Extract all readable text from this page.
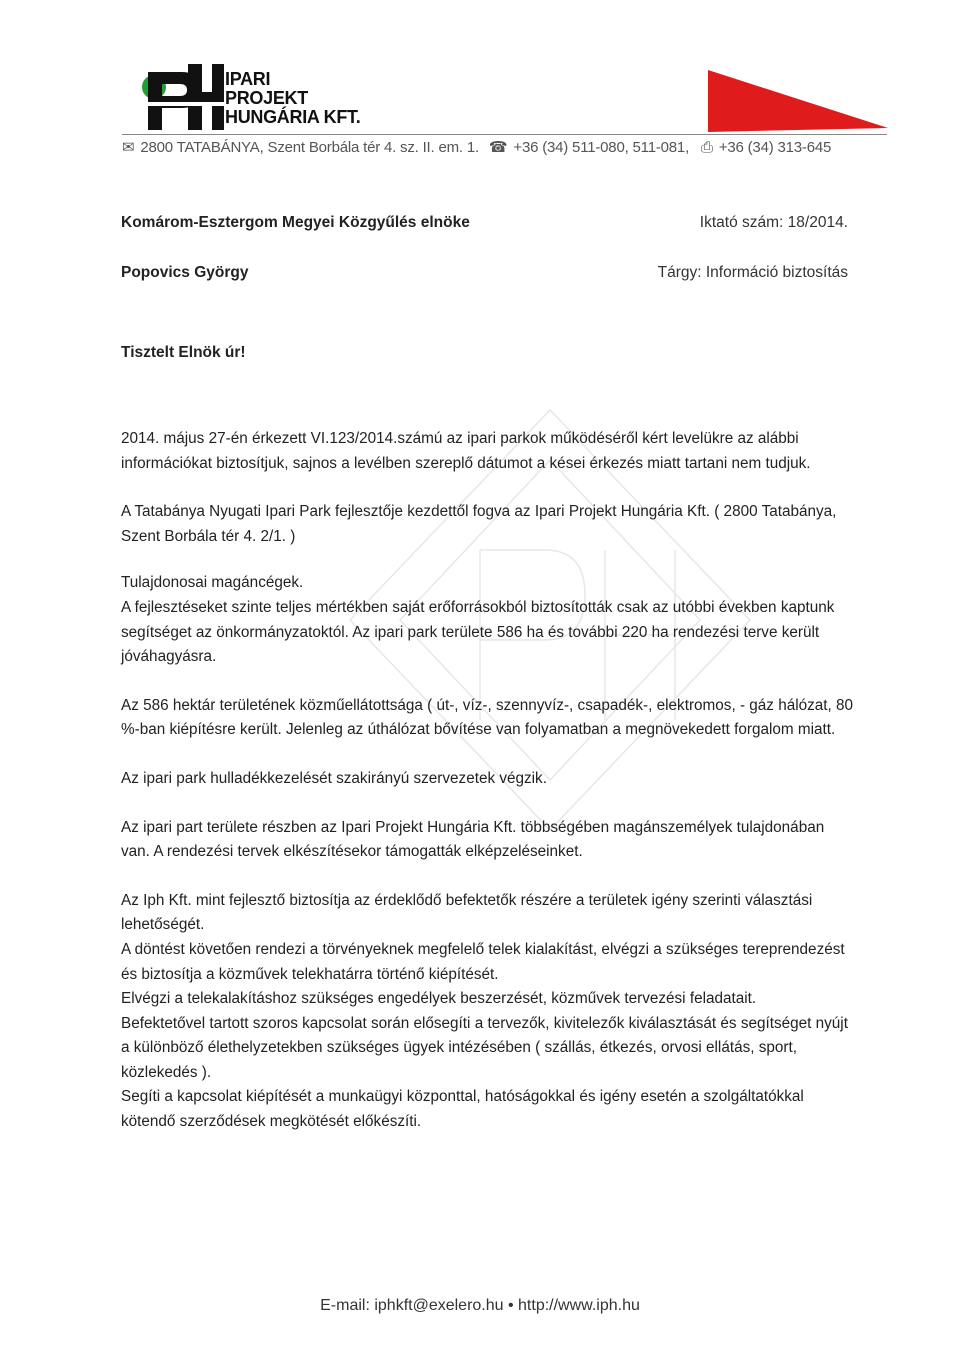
IPARI
PROJEKT
HUNGÁRIA KFT.
✉ 2800 TATABÁNYA, Szent Borbála tér 4. sz. II. em. 1. ☎ +36 (34) 511-080, 511-081, ⎙ +36 (34) 313-645
Komárom-Esztergom Megyei Közgyűlés elnöke
Popovics György
Iktató szám: 18/2014.
Tárgy: Információ biztosítás
Tisztelt Elnök úr!

2014. május 27-én érkezett VI.123/2014.számú az ipari parkok működéséről kért levelükre az alábbi információkat biztosítjuk, sajnos a levélben szereplő dátumot a kései érkezés miatt tartani nem tudjuk.

A Tatabánya Nyugati Ipari Park fejlesztője kezdettől fogva az Ipari Projekt Hungária Kft. ( 2800 Tatabánya, Szent Borbála tér 4. 2/1. )

Tulajdonosai magáncégek.

A fejlesztéseket szinte teljes mértékben saját erőforrásokból biztosították csak az utóbbi években kaptunk segítséget az önkormányzatoktól. Az ipari park területe 586 ha és további 220 ha rendezési terve került jóváhagyásra.

Az 586 hektár területének közműellátottsága ( út-, víz-, szennyvíz-, csapadék-, elektromos, - gáz hálózat, 80 %-ban kiépítésre került. Jelenleg az úthálózat bővítése van folyamatban a megnövekedett forgalom miatt.

Az ipari park hulladékkezelését szakirányú szervezetek végzik.

Az ipari part területe részben az Ipari Projekt Hungária Kft. többségében magánszemélyek tulajdonában van. A rendezési tervek elkészítésekor támogatták elképzeléseinket.

Az Iph Kft. mint fejlesztő biztosítja az érdeklődő befektetők részére a területek igény szerinti választási lehetőségét.

A döntést követően rendezi a törvényeknek megfelelő telek kialakítást, elvégzi a szükséges tereprendezést és biztosítja a közművek telekhatárra történő kiépítését.

Elvégzi a telekalakításhoz szükséges engedélyek beszerzését, közművek tervezési feladatait.

Befektetővel tartott szoros kapcsolat során elősegíti a tervezők, kivitelezők kiválasztását és segítséget nyújt a különböző élethelyzetekben szükséges ügyek intézésében ( szállás, étkezés, orvosi ellátás, sport, közlekedés ).

Segíti a kapcsolat kiépítését a munkaügyi központtal, hatóságokkal és igény esetén a szolgáltatókkal kötendő szerződések megkötését előkészíti.

E-mail: iphkft@exelero.hu • http://www.iph.hu
